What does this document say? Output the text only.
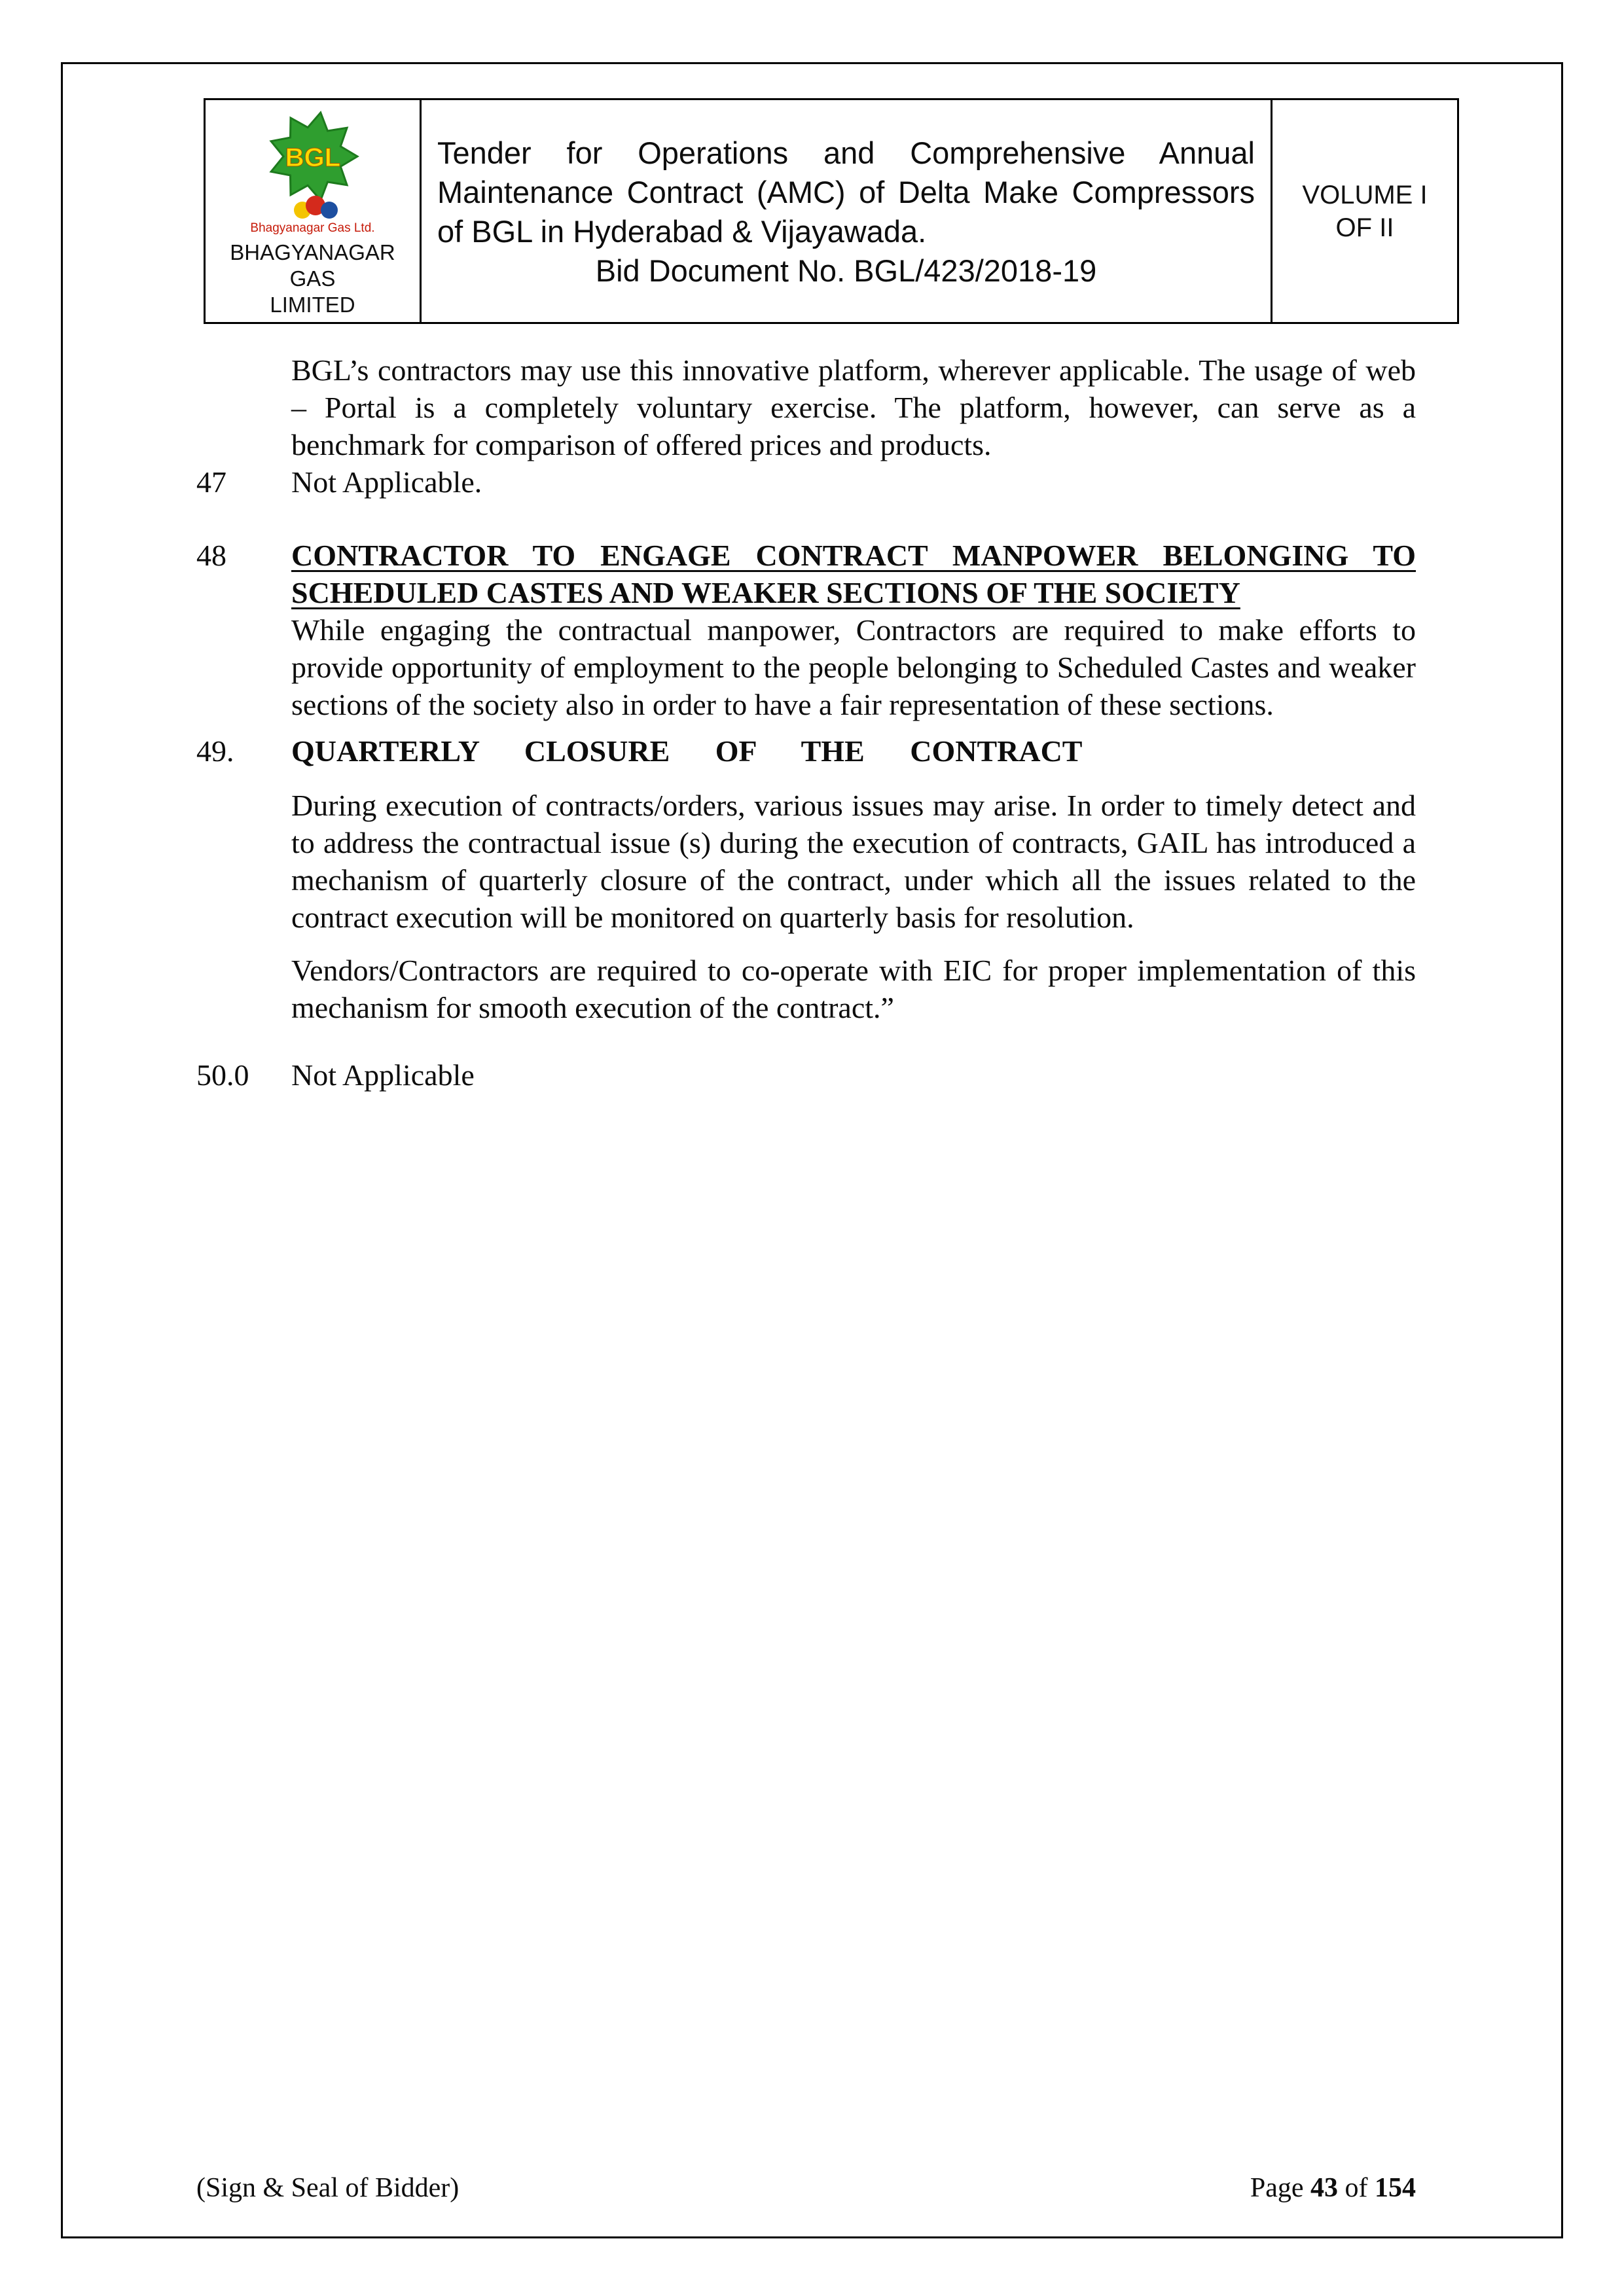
BGL
Bhagyanagar Gas Ltd.
BHAGYANAGAR GAS
LIMITED

Tender for Operations and Comprehensive Annual Maintenance Contract (AMC) of Delta Make Compressors of BGL in Hyderabad & Vijayawada.

Bid Document No. BGL/423/2018-19

VOLUME I
OF II

BGL’s contractors may use this innovative platform, wherever applicable. The usage of web – Portal is a completely voluntary exercise. The platform, however, can serve as a benchmark for comparison of offered prices and products.

47	Not Applicable.

48	CONTRACTOR TO ENGAGE CONTRACT MANPOWER BELONGING TO SCHEDULED CASTES AND WEAKER SECTIONS OF THE SOCIETY

While engaging the contractual manpower, Contractors are required to make efforts to provide opportunity of employment to the people belonging to Scheduled Castes and weaker sections of the society also in order to have a fair representation of these sections.

49.	QUARTERLY CLOSURE OF THE CONTRACT

During execution of contracts/orders, various issues may arise. In order to timely detect and to address the contractual issue (s) during the execution of contracts, GAIL has introduced a mechanism of quarterly closure of the contract, under which all the issues related to the contract execution will be monitored on quarterly basis for resolution.

Vendors/Contractors are required to co-operate with EIC for proper implementation of this mechanism for smooth execution of the contract.”

50.0	Not Applicable

(Sign & Seal of Bidder)	Page 43 of 154
